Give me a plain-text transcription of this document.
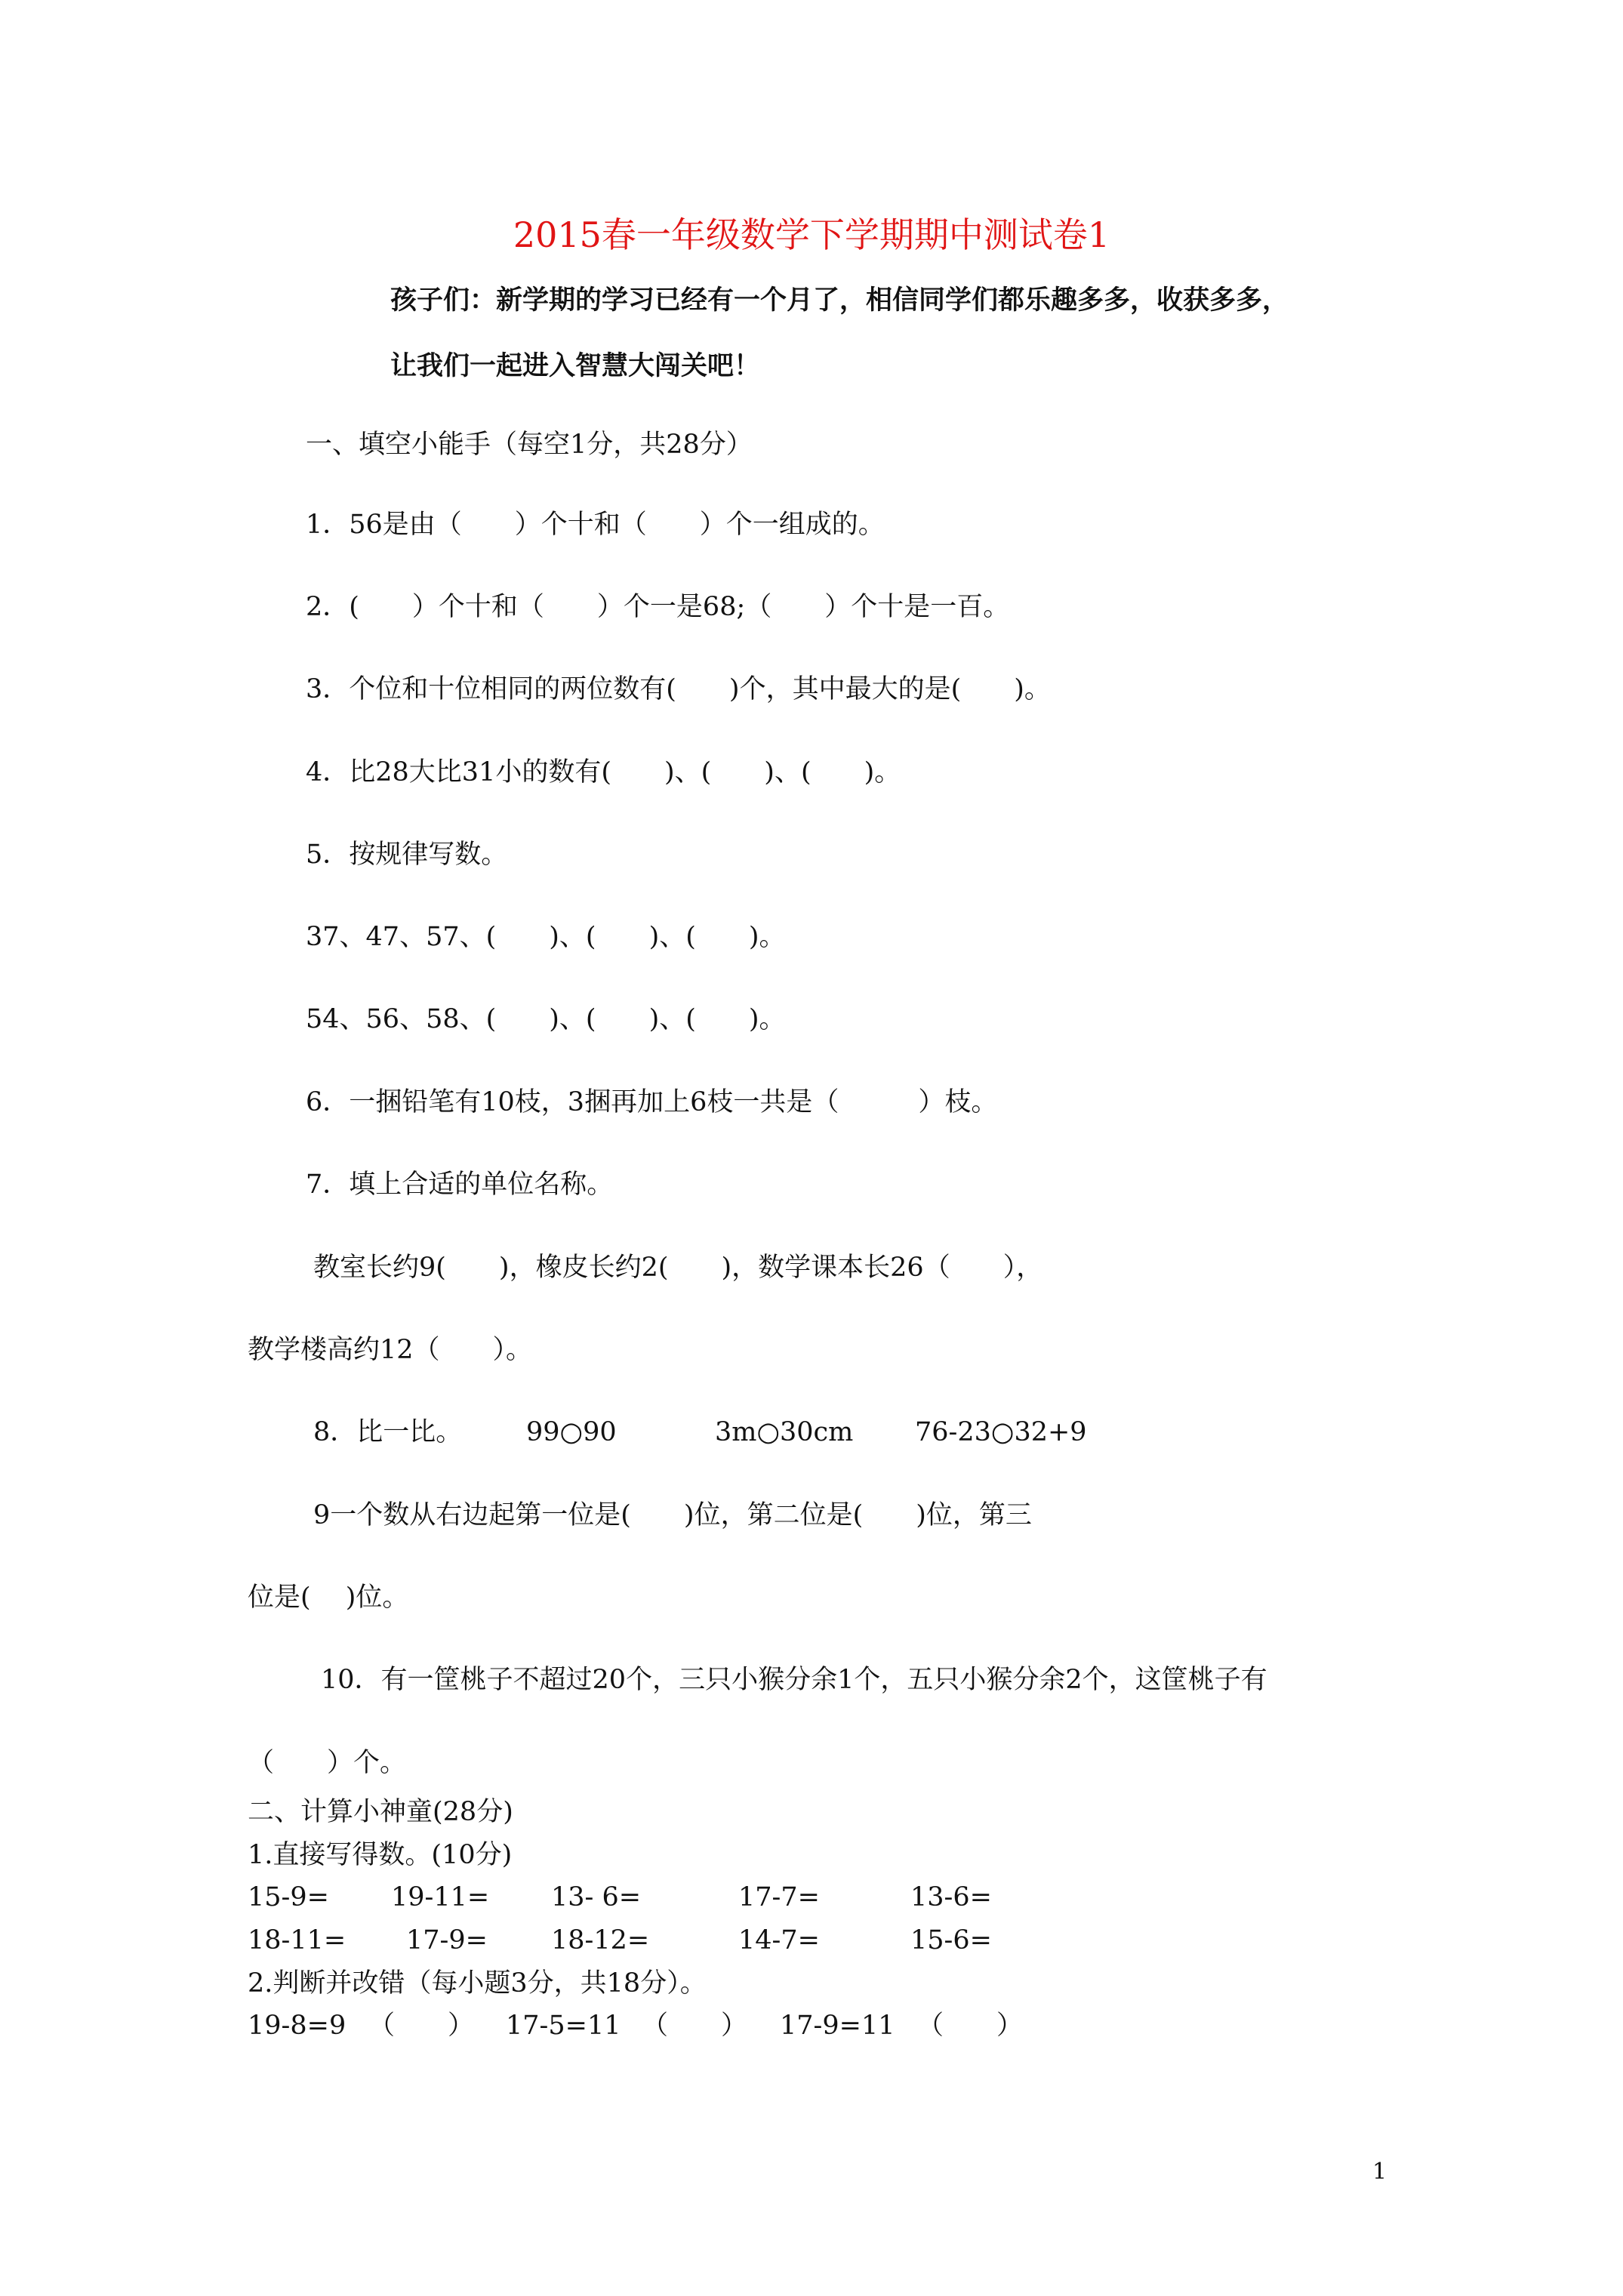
2015春一年级数学下学期期中测试卷1
孩子们：新学期的学习已经有一个月了，相信同学们都乐趣多多，收获多多，
让我们一起进入智慧大闯关吧！
一、填空小能手（每空1分，共28分）
1．56是由（　　）个十和（　　）个一组成的。
2．(　　）个十和（　　）个一是68;（　　）个十是一百。
3．个位和十位相同的两位数有(　　)个，其中最大的是(　　)。
4．比28大比31小的数有(　　)、(　　)、(　　)。
5．按规律写数。
37、47、57、(　　)、(　　)、(　　)。
54、56、58、(　　)、(　　)、(　　)。
6．一捆铅笔有10枝，3捆再加上6枝一共是（　　　）枝。
7．填上合适的单位名称。
教室长约9(　　)，橡皮长约2(　　)，数学课本长26（　　），
教学楼高约12（　　）。
8．比一比。 99○90	3m○30cm 76-23○32+9
9一个数从右边起第一位是(　　)位，第二位是(　　)位，第三
位是(　 )位。
10．有一筐桃子不超过20个，三只小猴分余1个，五只小猴分余2个，这筐桃子有
（　　）个。
二、计算小神童(28分)
1.直接写得数。(10分)
15-9= 19-11= 13- 6=	17-7=	13-6=
18-11= 17-9= 18-12=	14-7=	15-6=
2.判断并改错（每小题3分，共18分）。
19-8=9 （　　） 17-5=11 （　　） 17-9=11 （　　）
1
